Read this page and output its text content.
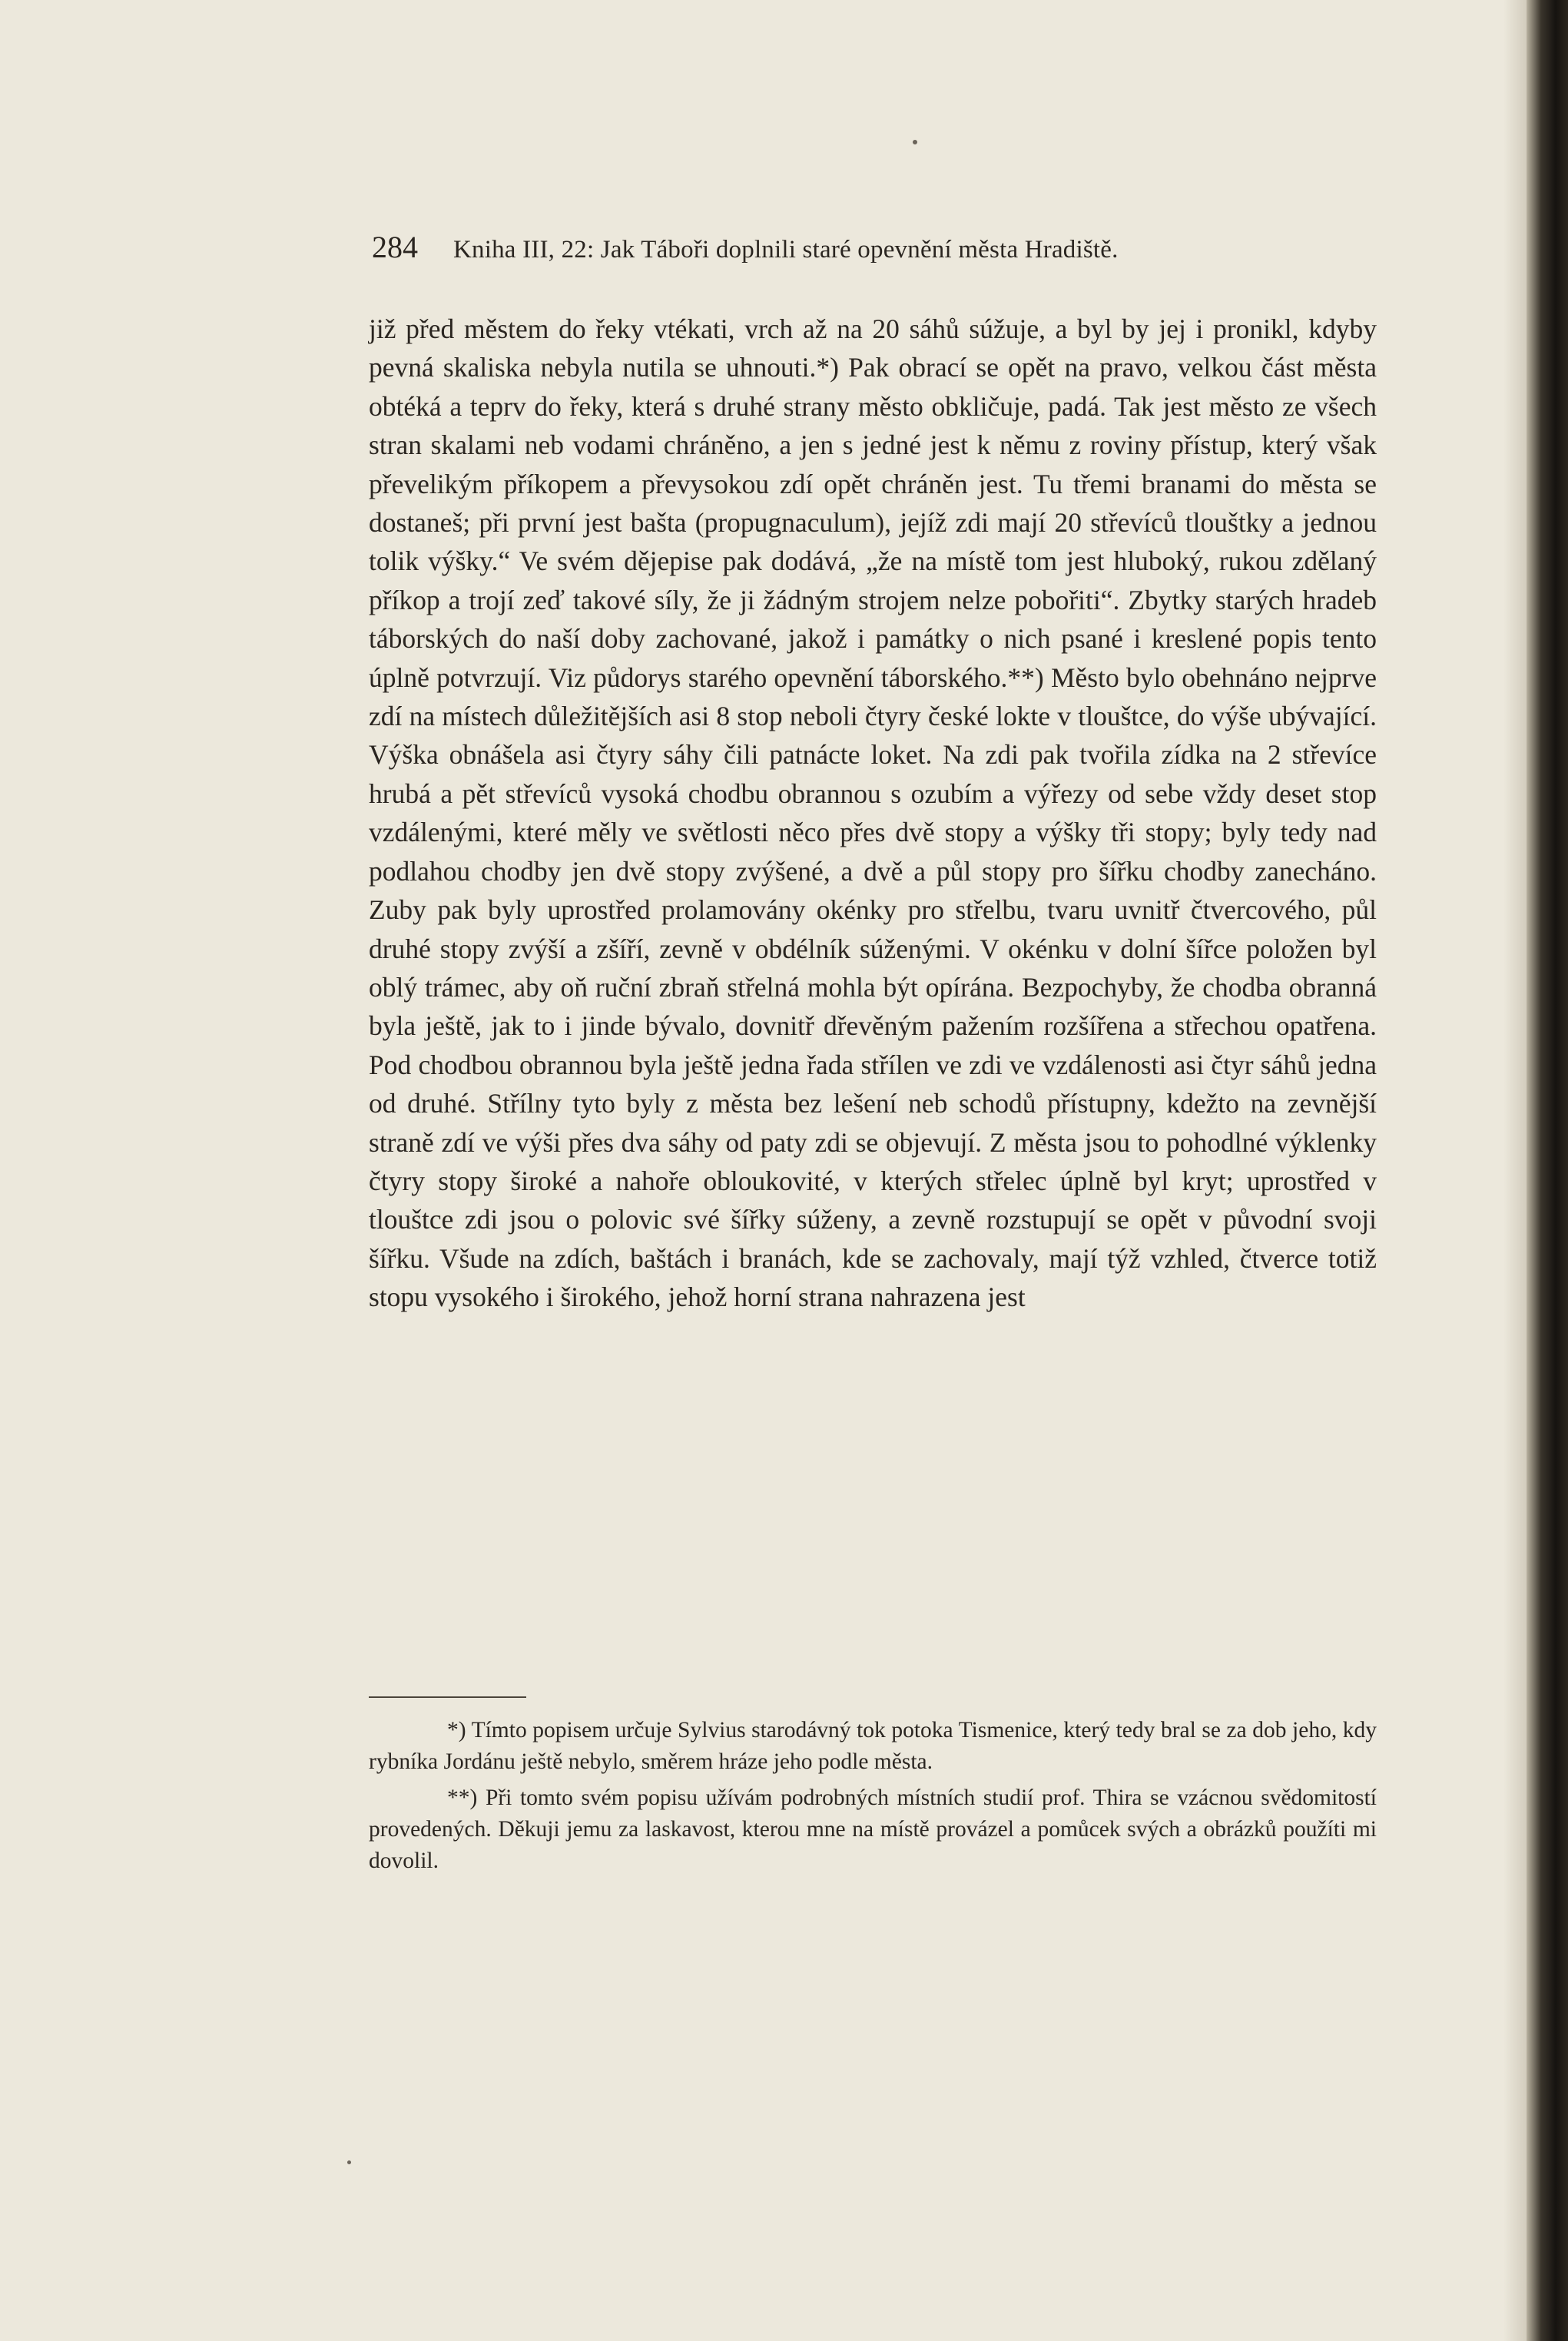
284 Kniha III, 22: Jak Táboři doplnili staré opevnění města Hradiště.

již před městem do řeky vtékati, vrch až na 20 sáhů súžuje, a byl by jej i pronikl, kdyby pevná skaliska nebyla nutila se uhnouti.*) Pak obrací se opět na pravo, velkou část města obtéká a teprv do řeky, která s druhé strany město obkličuje, padá. Tak jest město ze všech stran skalami neb vodami chráněno, a jen s jedné jest k němu z roviny přístup, který však převelikým příkopem a převysokou zdí opět chráněn jest. Tu třemi branami do města se dostaneš; při první jest bašta (propugnaculum), jejíž zdi mají 20 střevíců tlouštky a jednou tolik výšky.“ Ve svém dějepise pak dodává, „že na místě tom jest hluboký, rukou zdělaný příkop a trojí zeď takové síly, že ji žádným strojem nelze pobořiti“. Zbytky starých hradeb táborských do naší doby zachované, jakož i památky o nich psané i kreslené popis tento úplně potvrzují. Viz půdorys starého opevnění táborského.**) Město bylo obehnáno nejprve zdí na místech důležitějších asi 8 stop neboli čtyry české lokte v tlouštce, do výše ubývající. Výška obnášela asi čtyry sáhy čili patnácte loket. Na zdi pak tvořila zídka na 2 střevíce hrubá a pět střevíců vysoká chodbu obrannou s ozubím a výřezy od sebe vždy deset stop vzdálenými, které měly ve světlosti něco přes dvě stopy a výšky tři stopy; byly tedy nad podlahou chodby jen dvě stopy zvýšené, a dvě a půl stopy pro šířku chodby zanecháno. Zuby pak byly uprostřed prolamovány okénky pro střelbu, tvaru uvnitř čtvercového, půl druhé stopy zvýší a zšíří, zevně v obdélník súženými. V okénku v dolní šířce položen byl oblý trámec, aby oň ruční zbraň střelná mohla být opírána. Bezpochyby, že chodba obranná byla ještě, jak to i jinde bývalo, dovnitř dřevěným pažením rozšířena a střechou opatřena. Pod chodbou obrannou byla ještě jedna řada střílen ve zdi ve vzdálenosti asi čtyr sáhů jedna od druhé. Střílny tyto byly z města bez lešení neb schodů přístupny, kdežto na zevnější straně zdí ve výši přes dva sáhy od paty zdi se objevují. Z města jsou to pohodlné výklenky čtyry stopy široké a nahoře obloukovité, v kterých střelec úplně byl kryt; uprostřed v tlouštce zdi jsou o polovic své šířky súženy, a zevně rozstupují se opět v původní svoji šířku. Všude na zdích, baštách i branách, kde se zachovaly, mají týž vzhled, čtverce totiž stopu vysokého i širokého, jehož horní strana nahrazena jest

*) Tímto popisem určuje Sylvius starodávný tok potoka Tismenice, který tedy bral se za dob jeho, kdy rybníka Jordánu ještě nebylo, směrem hráze jeho podle města.

**) Při tomto svém popisu užívám podrobných místních studií prof. Thira se vzácnou svědomitostí provedených. Děkuji jemu za laskavost, kterou mne na místě provázel a pomůcek svých a obrázků použíti mi dovolil.
